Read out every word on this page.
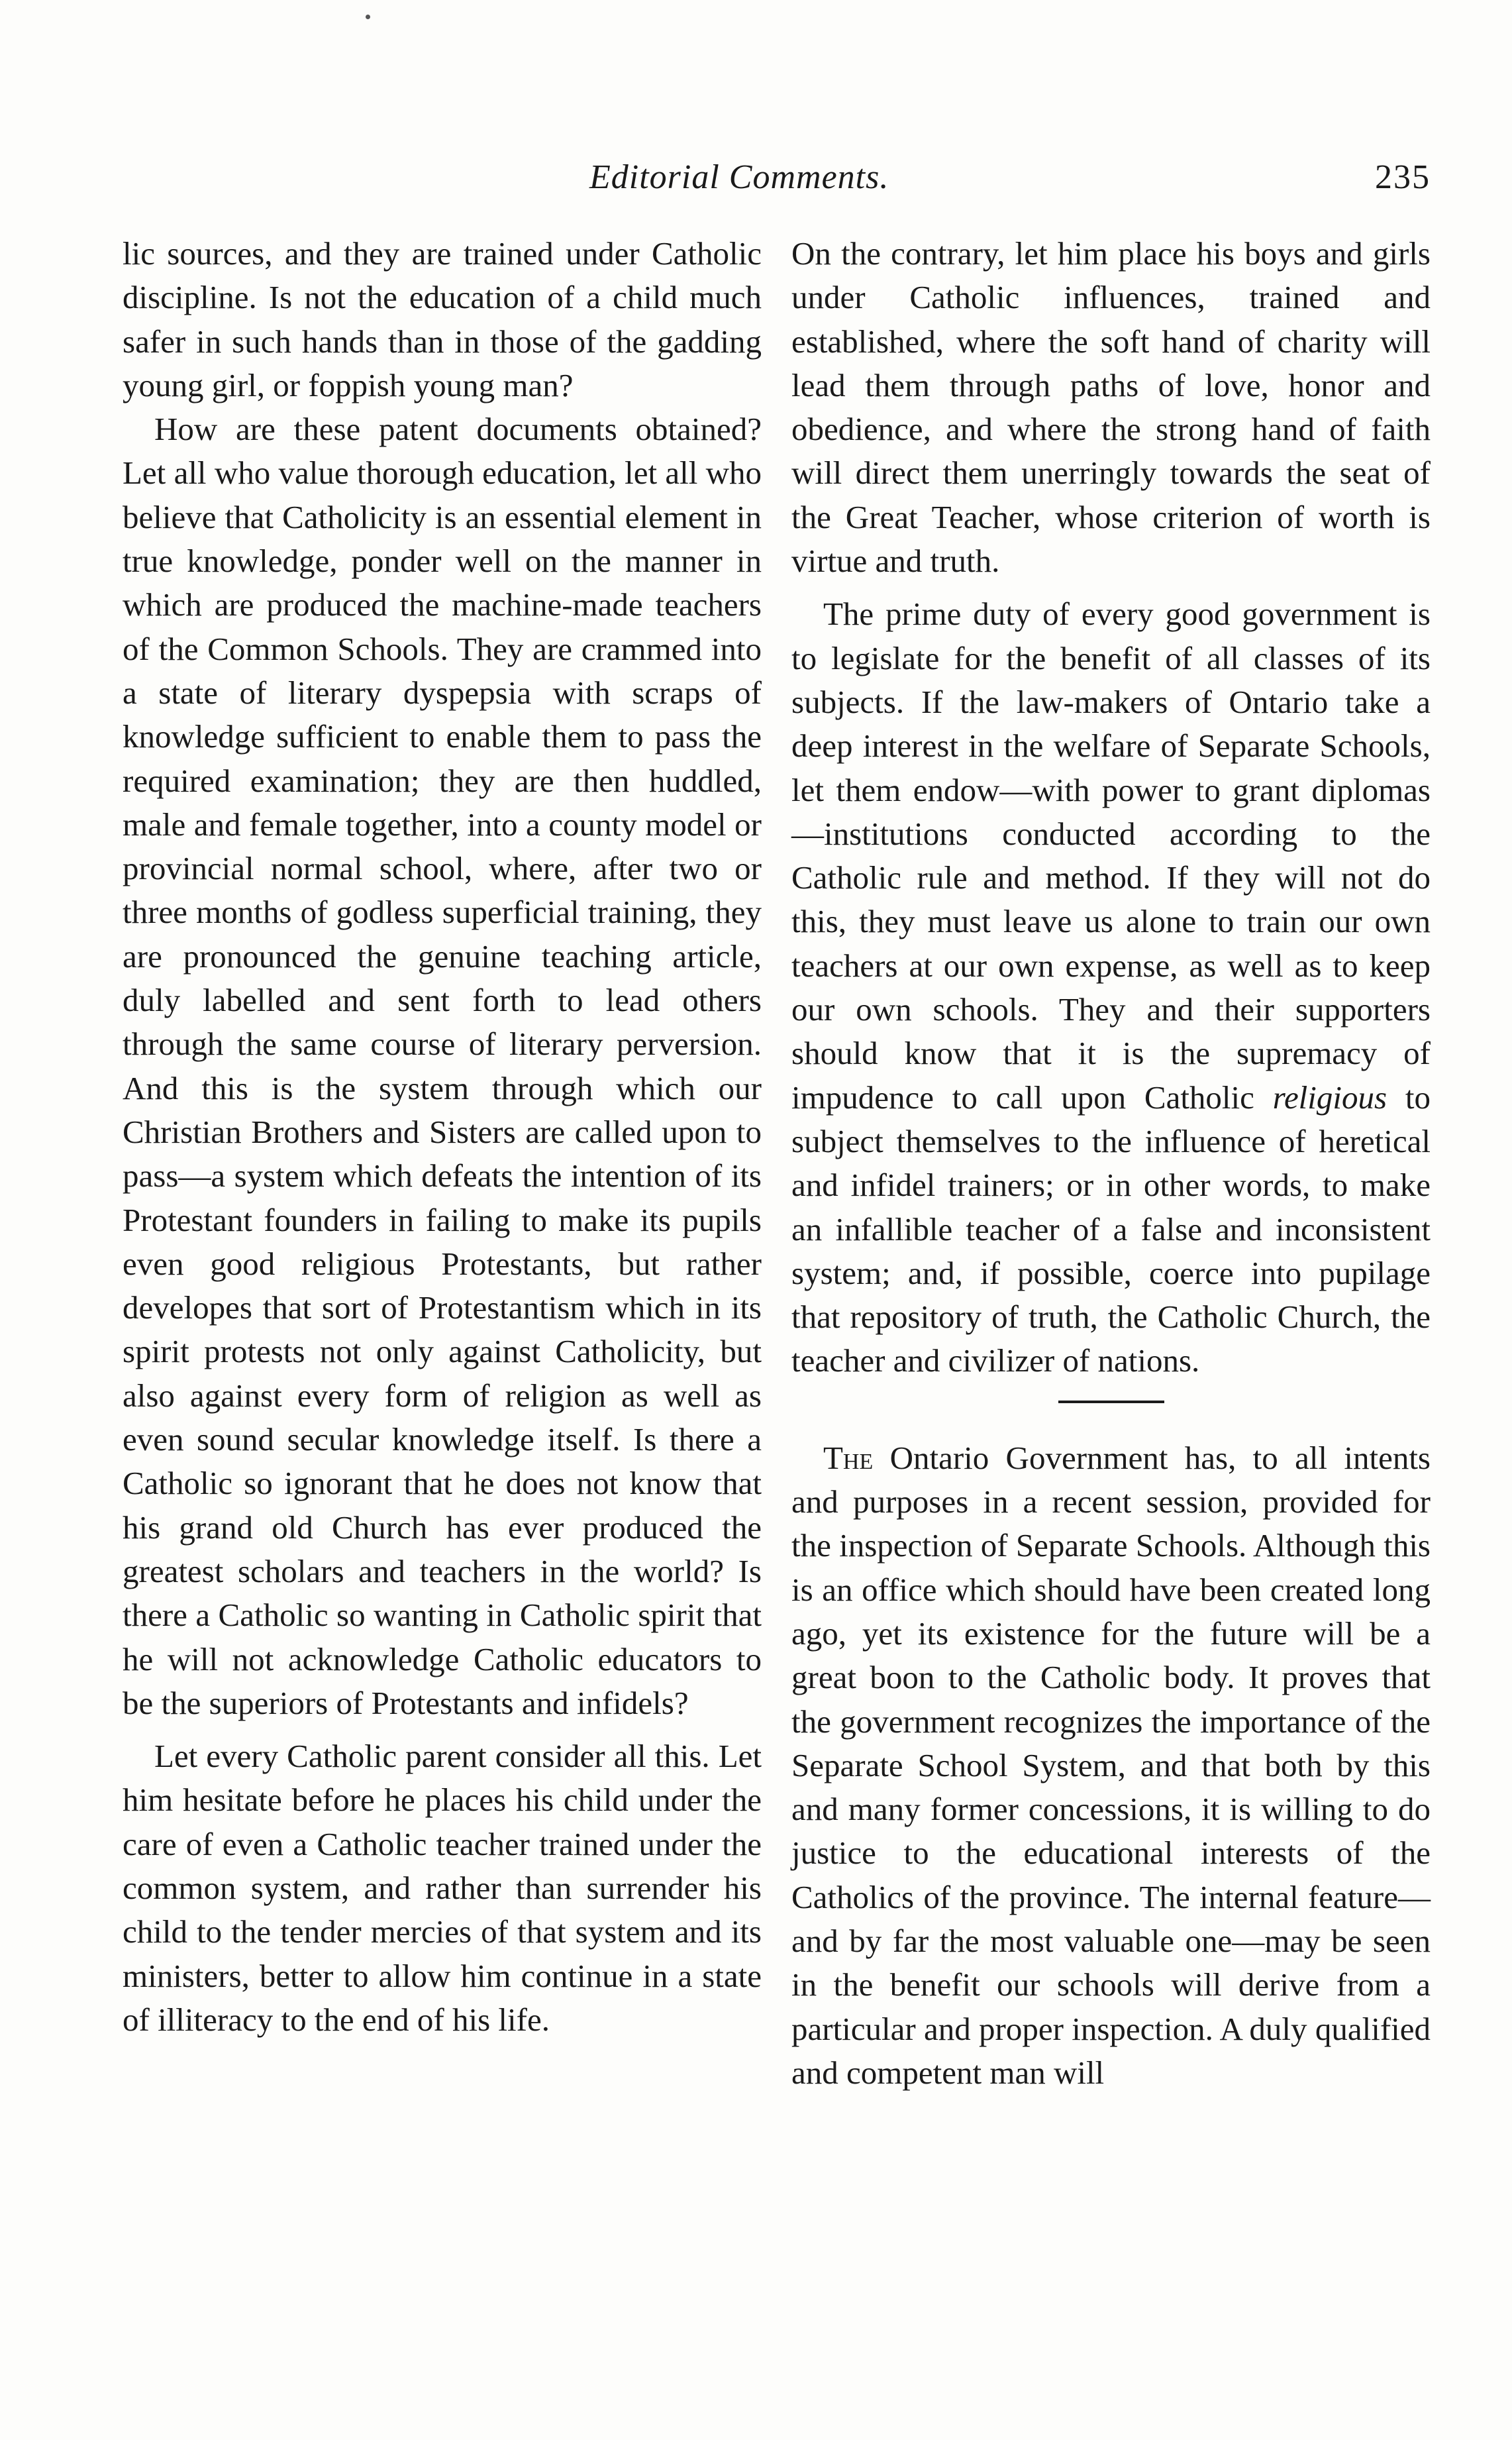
Editorial Comments.	235

lic sources, and they are trained under Catholic discipline. Is not the education of a child much safer in such hands than in those of the gadding young girl, or foppish young man?

How are these patent documents obtained? Let all who value thorough education, let all who believe that Catholicity is an essential element in true knowledge, ponder well on the manner in which are produced the machine-made teachers of the Common Schools. They are crammed into a state of literary dyspepsia with scraps of knowledge sufficient to enable them to pass the required examination; they are then huddled, male and female together, into a county model or provincial normal school, where, after two or three months of godless superficial training, they are pronounced the genuine teaching article, duly labelled and sent forth to lead others through the same course of literary perversion. And this is the system through which our Christian Brothers and Sisters are called upon to pass—a system which defeats the intention of its Protestant founders in failing to make its pupils even good religious Protestants, but rather developes that sort of Protestantism which in its spirit protests not only against Catholicity, but also against every form of religion as well as even sound secular knowledge itself. Is there a Catholic so ignorant that he does not know that his grand old Church has ever produced the greatest scholars and teachers in the world? Is there a Catholic so wanting in Catholic spirit that he will not acknowledge Catholic educators to be the superiors of Protestants and infidels?

Let every Catholic parent consider all this. Let him hesitate before he places his child under the care of even a Catholic teacher trained under the common system, and rather than surrender his child to the tender mercies of that system and its ministers, better to allow him continue in a state of illiteracy to the end of his life.

On the contrary, let him place his boys and girls under Catholic influences, trained and established, where the soft hand of charity will lead them through paths of love, honor and obedience, and where the strong hand of faith will direct them unerringly towards the seat of the Great Teacher, whose criterion of worth is virtue and truth.

The prime duty of every good government is to legislate for the benefit of all classes of its subjects. If the law-makers of Ontario take a deep interest in the welfare of Separate Schools, let them endow—with power to grant diplomas—institutions conducted according to the Catholic rule and method. If they will not do this, they must leave us alone to train our own teachers at our own expense, as well as to keep our own schools. They and their supporters should know that it is the supremacy of impudence to call upon Catholic religious to subject themselves to the influence of heretical and infidel trainers; or in other words, to make an infallible teacher of a false and inconsistent system; and, if possible, coerce into pupilage that repository of truth, the Catholic Church, the teacher and civilizer of nations.

The Ontario Government has, to all intents and purposes in a recent session, provided for the inspection of Separate Schools. Although this is an office which should have been created long ago, yet its existence for the future will be a great boon to the Catholic body. It proves that the government recognizes the importance of the Separate School System, and that both by this and many former concessions, it is willing to do justice to the educational interests of the Catholics of the province. The internal feature—and by far the most valuable one—may be seen in the benefit our schools will derive from a particular and proper inspection. A duly qualified and competent man will
